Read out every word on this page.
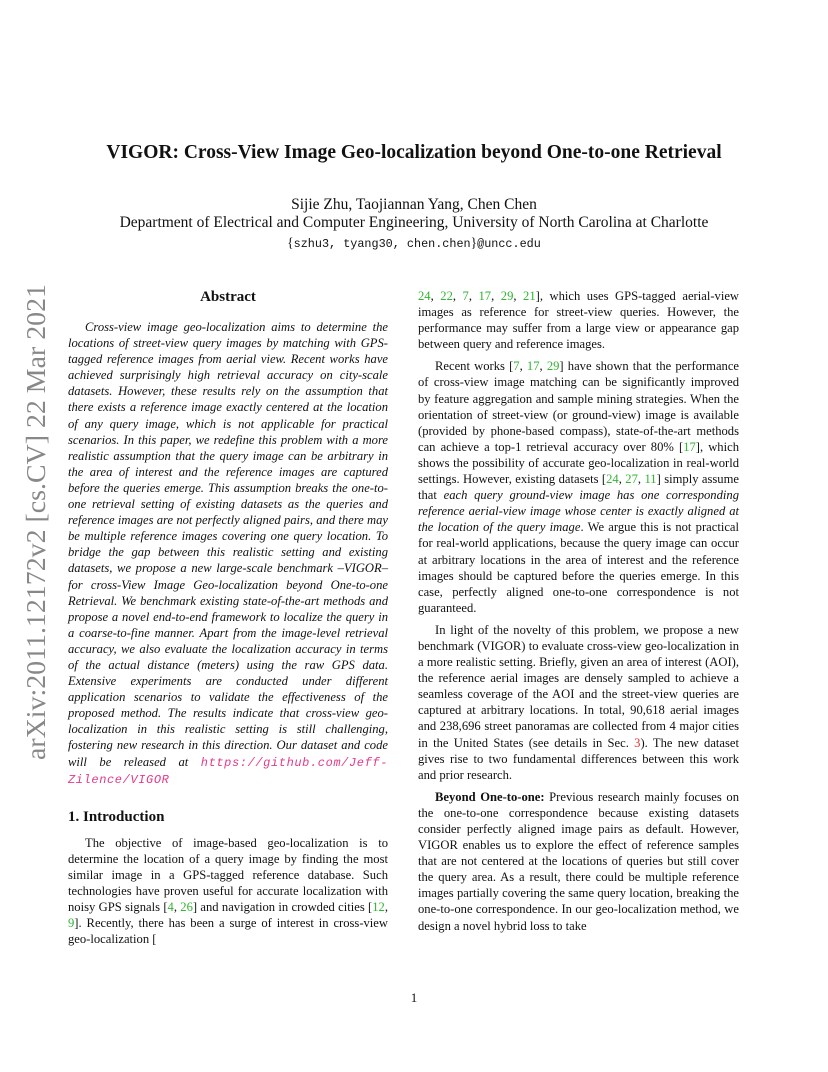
arXiv:2011.12172v2 [cs.CV] 22 Mar 2021
VIGOR: Cross-View Image Geo-localization beyond One-to-one Retrieval
Sijie Zhu, Taojiannan Yang, Chen Chen
Department of Electrical and Computer Engineering, University of North Carolina at Charlotte
{szhu3, tyang30, chen.chen}@uncc.edu
Abstract

Cross-view image geo-localization aims to determine the locations of street-view query images by matching with GPS-tagged reference images from aerial view. Recent works have achieved surprisingly high retrieval accuracy on city-scale datasets. However, these results rely on the assumption that there exists a reference image exactly centered at the location of any query image, which is not applicable for practical scenarios. In this paper, we redefine this problem with a more realistic assumption that the query image can be arbitrary in the area of interest and the reference images are captured before the queries emerge. This assumption breaks the one-to-one retrieval setting of existing datasets as the queries and reference images are not perfectly aligned pairs, and there may be multiple reference images covering one query location. To bridge the gap between this realistic setting and existing datasets, we propose a new large-scale benchmark –VIGOR– for cross-View Image Geo-localization beyond One-to-one Retrieval. We benchmark existing state-of-the-art methods and propose a novel end-to-end framework to localize the query in a coarse-to-fine manner. Apart from the image-level retrieval accuracy, we also evaluate the localization accuracy in terms of the actual distance (meters) using the raw GPS data. Extensive experiments are conducted under different application scenarios to validate the effectiveness of the proposed method. The results indicate that cross-view geo-localization in this realistic setting is still challenging, fostering new research in this direction. Our dataset and code will be released at https://github.com/Jeff-Zilence/VIGOR

1. Introduction

The objective of image-based geo-localization is to determine the location of a query image by finding the most similar image in a GPS-tagged reference database. Such technologies have proven useful for accurate localization with noisy GPS signals [4, 26] and navigation in crowded cities [12, 9]. Recently, there has been a surge of interest in cross-view geo-localization [

24, 22, 7, 17, 29, 21], which uses GPS-tagged aerial-view images as reference for street-view queries. However, the performance may suffer from a large view or appearance gap between query and reference images.

Recent works [7, 17, 29] have shown that the performance of cross-view image matching can be significantly improved by feature aggregation and sample mining strategies. When the orientation of street-view (or ground-view) image is available (provided by phone-based compass), state-of-the-art methods can achieve a top-1 retrieval accuracy over 80% [17], which shows the possibility of accurate geo-localization in real-world settings. However, existing datasets [24, 27, 11] simply assume that each query ground-view image has one corresponding reference aerial-view image whose center is exactly aligned at the location of the query image. We argue this is not practical for real-world applications, because the query image can occur at arbitrary locations in the area of interest and the reference images should be captured before the queries emerge. In this case, perfectly aligned one-to-one correspondence is not guaranteed.

In light of the novelty of this problem, we propose a new benchmark (VIGOR) to evaluate cross-view geo-localization in a more realistic setting. Briefly, given an area of interest (AOI), the reference aerial images are densely sampled to achieve a seamless coverage of the AOI and the street-view queries are captured at arbitrary locations. In total, 90,618 aerial images and 238,696 street panoramas are collected from 4 major cities in the United States (see details in Sec. 3). The new dataset gives rise to two fundamental differences between this work and prior research.

Beyond One-to-one: Previous research mainly focuses on the one-to-one correspondence because existing datasets consider perfectly aligned image pairs as default. However, VIGOR enables us to explore the effect of reference samples that are not centered at the locations of queries but still cover the query area. As a result, there could be multiple reference images partially covering the same query location, breaking the one-to-one correspondence. In our geo-localization method, we design a novel hybrid loss to take

1
